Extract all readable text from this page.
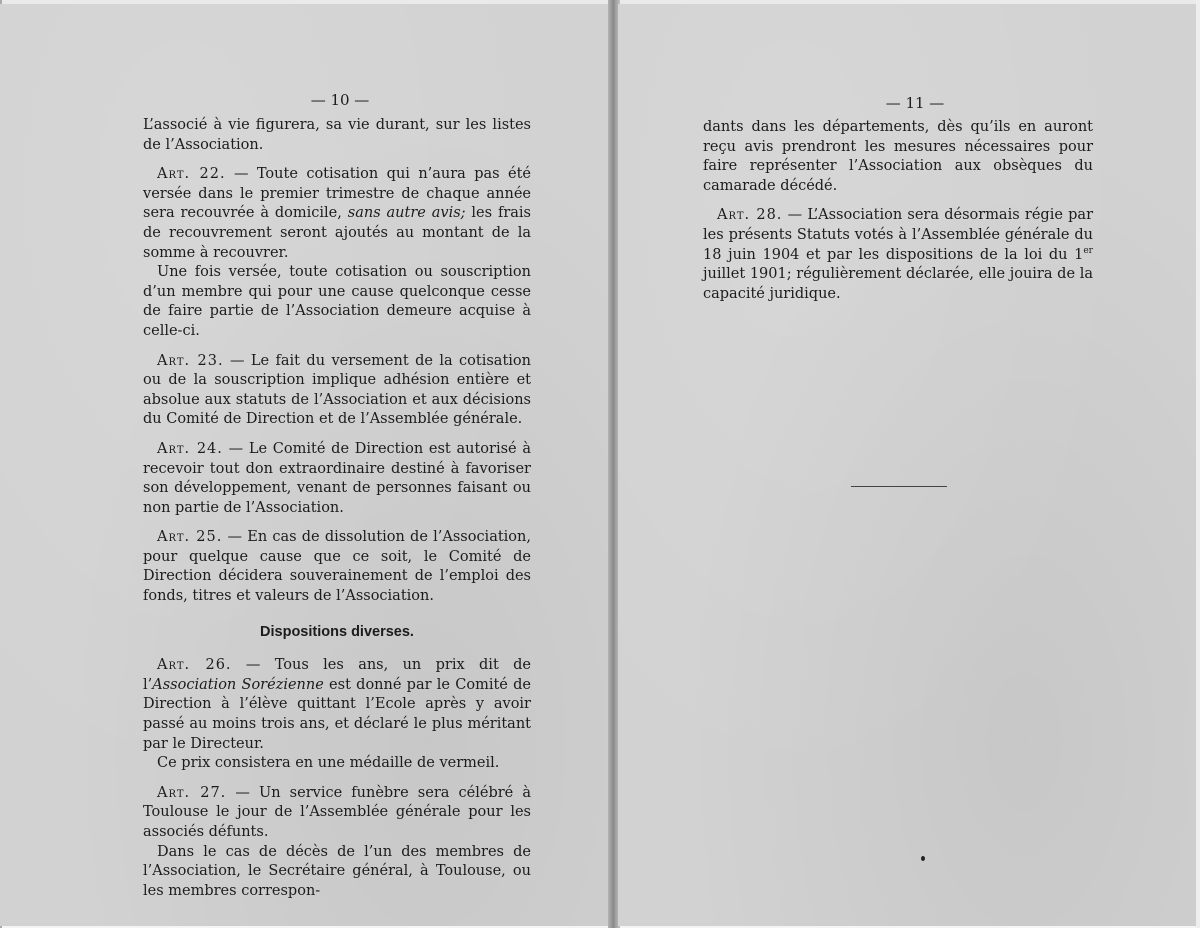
— 10 —

L’associé à vie figurera, sa vie durant, sur les listes de l’Association.

Art. 22. — Toute cotisation qui n’aura pas été versée dans le premier trimestre de chaque année sera recouvrée à domicile, sans autre avis; les frais de recouvrement seront ajoutés au montant de la somme à recouvrer.

Une fois versée, toute cotisation ou souscription d’un membre qui pour une cause quelconque cesse de faire partie de l’Association demeure acquise à celle-ci.

Art. 23. — Le fait du versement de la cotisation ou de la souscription implique adhésion entière et absolue aux statuts de l’Association et aux décisions du Comité de Direction et de l’Assemblée générale.

Art. 24. — Le Comité de Direction est autorisé à recevoir tout don extraordinaire destiné à favoriser son développement, venant de personnes faisant ou non partie de l’Association.

Art. 25. — En cas de dissolution de l’Association, pour quelque cause que ce soit, le Comité de Direction décidera souverainement de l’emploi des fonds, titres et valeurs de l’Association.

Dispositions diverses.

Art. 26. — Tous les ans, un prix dit de l’Association Sorézienne est donné par le Comité de Direction à l’élève quittant l’Ecole après y avoir passé au moins trois ans, et déclaré le plus méritant par le Directeur.

Ce prix consistera en une médaille de vermeil.

Art. 27. — Un service funèbre sera célébré à Toulouse le jour de l’Assemblée générale pour les associés défunts.

Dans le cas de décès de l’un des membres de l’Association, le Secrétaire général, à Toulouse, ou les membres correspon-

— 11 —

dants dans les départements, dès qu’ils en auront reçu avis prendront les mesures nécessaires pour faire représenter l’Association aux obsèques du camarade décédé.

Art. 28. — L’Association sera désormais régie par les présents Statuts votés à l’Assemblée générale du 18 juin 1904 et par les dispositions de la loi du 1er juillet 1901; régulièrement déclarée, elle jouira de la capacité juridique.
